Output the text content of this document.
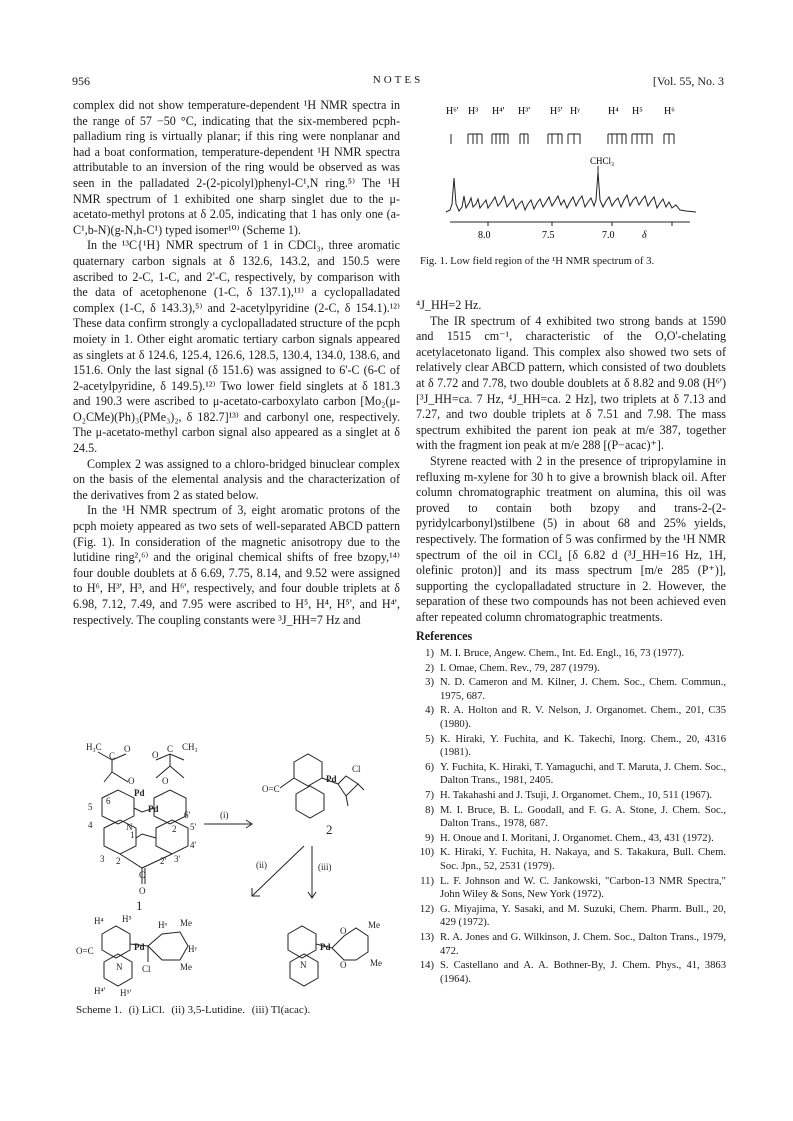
956	NOTES	[Vol. 55, No. 3

complex did not show temperature-dependent ¹H NMR spectra in the range of 57 −50 °C, indicating that the six-membered pcph-palladium ring is virtually planar; if this ring were nonplanar and had a boat conformation, temperature-dependent ¹H NMR spectra attributable to an inversion of the ring would be observed as was seen in the palladated 2-(2-picolyl)phenyl-C¹,N ring.⁵⁾ The ¹H NMR spectrum of 1 exhibited one sharp singlet due to the μ-acetato-methyl protons at δ 2.05, indicating that 1 has only one (a-C¹,b-N)(g-N,h-C¹) typed isomer¹⁰⁾ (Scheme 1).

In the ¹³C{¹H} NMR spectrum of 1 in CDCl₃, three aromatic quaternary carbon signals at δ 132.6, 143.2, and 150.5 were ascribed to 2-C, 1-C, and 2'-C, respectively, by comparison with the data of acetophenone (1-C, δ 137.1),¹¹⁾ a cyclopalladated complex (1-C, δ 143.3),⁵⁾ and 2-acetylpyridine (2-C, δ 154.1).¹²⁾ These data confirm strongly a cyclopalladated structure of the pcph moiety in 1. Other eight aromatic tertiary carbon signals appeared as singlets at δ 124.6, 125.4, 126.6, 128.5, 130.4, 134.0, 138.6, and 151.6. Only the last signal (δ 151.6) was assigned to 6'-C (6-C of 2-acetylpyridine, δ 149.5).¹²⁾ Two lower field singlets at δ 181.3 and 190.3 were ascribed to μ-acetato-carboxylato carbon [Mo₂(μ-O₂CMe)(Ph)₃(PMe₃)₂, δ 182.7]¹³⁾ and carbonyl one, respectively. The μ-acetato-methyl carbon signal also appeared as a singlet at δ 24.5.

Complex 2 was assigned to a chloro-bridged binuclear complex on the basis of the elemental analysis and the characterization of the derivatives from 2 as stated below.

In the ¹H NMR spectrum of 3, eight aromatic protons of the pcph moiety appeared as two sets of well-separated ABCD pattern (Fig. 1). In consideration of the magnetic anisotropy due to the lutidine ring²,⁶⁾ and the original chemical shifts of free bzopy,¹⁴⁾ four double doublets at δ 6.69, 7.75, 8.14, and 9.52 were assigned to H⁶, H³', H³, and H⁶', respectively, and four double triplets at δ 6.98, 7.12, 7.49, and 7.95 were ascribed to H⁵, H⁴, H⁵', and H⁴', respectively. The coupling constants were ³J_HH=7 Hz and

H⁶' H³ H⁴' H³' H⁵' Hᵞ	H⁴ H⁵ H⁶
CHCl₃
8.0	7.5	7.0	δ
Fig. 1. Low field region of the ¹H NMR spectrum of 3.

⁴J_HH=2 Hz.

The IR spectrum of 4 exhibited two strong bands at 1590 and 1515 cm⁻¹, characteristic of the O,O'-chelating acetylacetonato ligand. This complex also showed two sets of relatively clear ABCD pattern, which consisted of two doublets at δ 7.72 and 7.78, two double doublets at δ 8.82 and 9.08 (H⁶') [³J_HH=ca. 7 Hz, ⁴J_HH=ca. 2 Hz], two triplets at δ 7.13 and 7.27, and two double triplets at δ 7.51 and 7.98. The mass spectrum exhibited the parent ion peak at m/e 387, together with the fragment ion peak at m/e 288 [(P−acac)⁺].

Styrene reacted with 2 in the presence of tripropylamine in refluxing m-xylene for 30 h to give a brownish black oil. After column chromatographic treatment on alumina, this oil was proved to contain both bzopy and trans-2-(2-pyridylcarbonyl)stilbene (5) in about 68 and 25% yields, respectively. The formation of 5 was confirmed by the ¹H NMR spectrum of the oil in CCl₄ [δ 6.82 d (³J_HH=16 Hz, 1H, olefinic proton)] and its mass spectrum [m/e 285 (P⁺)], supporting the cyclopalladated structure in 2. However, the separation of these two compounds has not been achieved even after repeated column chromatographic treatments.

References

1) M. I. Bruce, Angew. Chem., Int. Ed. Engl., 16, 73 (1977).
2) I. Omae, Chem. Rev., 79, 287 (1979).
3) N. D. Cameron and M. Kilner, J. Chem. Soc., Chem. Commun., 1975, 687.
4) R. A. Holton and R. V. Nelson, J. Organomet. Chem., 201, C35 (1980).
5) K. Hiraki, Y. Fuchita, and K. Takechi, Inorg. Chem., 20, 4316 (1981).
6) Y. Fuchita, K. Hiraki, T. Yamaguchi, and T. Maruta, J. Chem. Soc., Dalton Trans., 1981, 2405.
7) H. Takahashi and J. Tsuji, J. Organomet. Chem., 10, 511 (1967).
8) M. I. Bruce, B. L. Goodall, and F. G. A. Stone, J. Chem. Soc., Dalton Trans., 1978, 687.
9) H. Onoue and I. Moritani, J. Organomet. Chem., 43, 431 (1972).
10) K. Hiraki, Y. Fuchita, H. Nakaya, and S. Takakura, Bull. Chem. Soc. Jpn., 52, 2531 (1979).
11) L. F. Johnson and W. C. Jankowski, "Carbon-13 NMR Spectra," John Wiley & Sons, New York (1972).
12) G. Miyajima, Y. Sasaki, and M. Suzuki, Chem. Pharm. Bull., 20, 429 (1972).
13) R. A. Jones and G. Wilkinson, J. Chem. Soc., Dalton Trans., 1979, 472.
14) S. Castellano and A. A. Bothner-By, J. Chem. Phys., 41, 3863 (1964).
H₃C
C
O
O
C CH₃
O
O
Pd
Pd
5
6
4
3 2
1
N
6'
5'
4'
3'
2'
C
O
2
(i)
(ii)	(iii)
O=C
Pd
Cl
H⁴ H⁵
Hᵅ Me
Hᵞ
Me
O=C	Pd
Cl
N
H⁴' H⁵'
Me
O
O	Me
N
Pd
1
2
Scheme 1. (i) LiCl. (ii) 3,5-Lutidine. (iii) Tl(acac).
